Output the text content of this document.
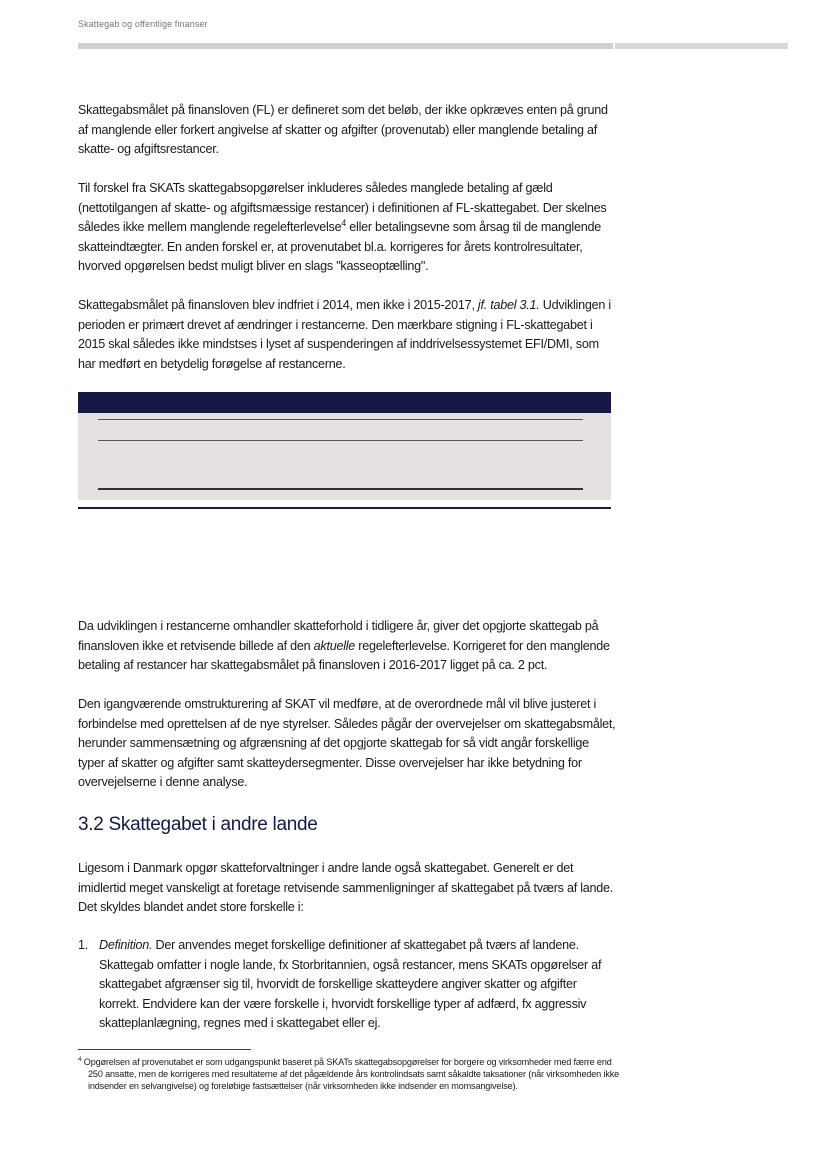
Skattegab og offentlige finanser

Skattegabsmålet på finansloven (FL) er defineret som det beløb, der ikke opkræves enten på grund af manglende eller forkert angivelse af skatter og afgifter (provenutab) eller manglende betaling af skatte- og afgiftsrestancer.

Til forskel fra SKATs skattegabsopgørelser inkluderes således manglede betaling af gæld (nettotilgangen af skatte- og afgiftsmæssige restancer) i definitionen af FL-skattegabet. Der skelnes således ikke mellem manglende regelefterlevelse$^4$ eller betalingsevne som årsag til de manglende skatteindtægter. En anden forskel er, at provenutabet bl.a. korrigeres for årets kontrolresultater, hvorved opgørelsen bedst muligt bliver en slags "kasseoptælling".

Skattegabsmålet på finansloven blev indfriet i 2014, men ikke i 2015-2017, jf. tabel 3.1. Udviklingen i perioden er primært drevet af ændringer i restancerne. Den mærkbare stigning i FL-skattegabet i 2015 skal således ikke mindstses i lyset af suspenderingen af inddrivelsessystemet EFI/DMI, som har medført en betydelig forøgelse af restancerne.

Da udviklingen i restancerne omhandler skatteforhold i tidligere år, giver det opgjorte skattegab på finansloven ikke et retvisende billede af den aktuelle regelefterlevelse. Korrigeret for den manglende betaling af restancer har skattegabsmålet på finansloven i 2016-2017 ligget på ca. 2 pct.

Den igangværende omstrukturering af SKAT vil medføre, at de overordnede mål vil blive justeret i forbindelse med oprettelsen af de nye styrelser. Således pågår der overvejelser om skattegabsmålet, herunder sammensætning og afgrænsning af det opgjorte skattegab for så vidt angår forskellige typer af skatter og afgifter samt skatteydersegmenter. Disse overvejelser har ikke betydning for overvejelserne i denne analyse.

3.2 Skattegabet i andre lande

Ligesom i Danmark opgør skatteforvaltninger i andre lande også skattegabet. Generelt er det imidlertid meget vanskeligt at foretage retvisende sammenligninger af skattegabet på tværs af lande. Det skyldes blandet andet store forskelle i:

1. Definition. Der anvendes meget forskellige definitioner af skattegabet på tværs af landene. Skattegab omfatter i nogle lande, fx Storbritannien, også restancer, mens SKATs opgørelser af skattegabet afgrænser sig til, hvorvidt de forskellige skatteydere angiver skatter og afgifter korrekt. Endvidere kan der være forskelle i, hvorvidt forskellige typer af adfærd, fx aggressiv skatteplanlægning, regnes med i skattegabet eller ej.

$^4$ Opgørelsen af provenutabet er som udgangspunkt baseret på SKATs skattegabsopgørelser for borgere og virksomheder med færre end 250 ansatte, men de korrigeres med resultaterne af det pågældende års kontrolindsats samt såkaldte taksationer (når virksomheden ikke indsender en selvangivelse) og foreløbige fastsættelser (når virksomheden ikke indsender en momsangivelse).
